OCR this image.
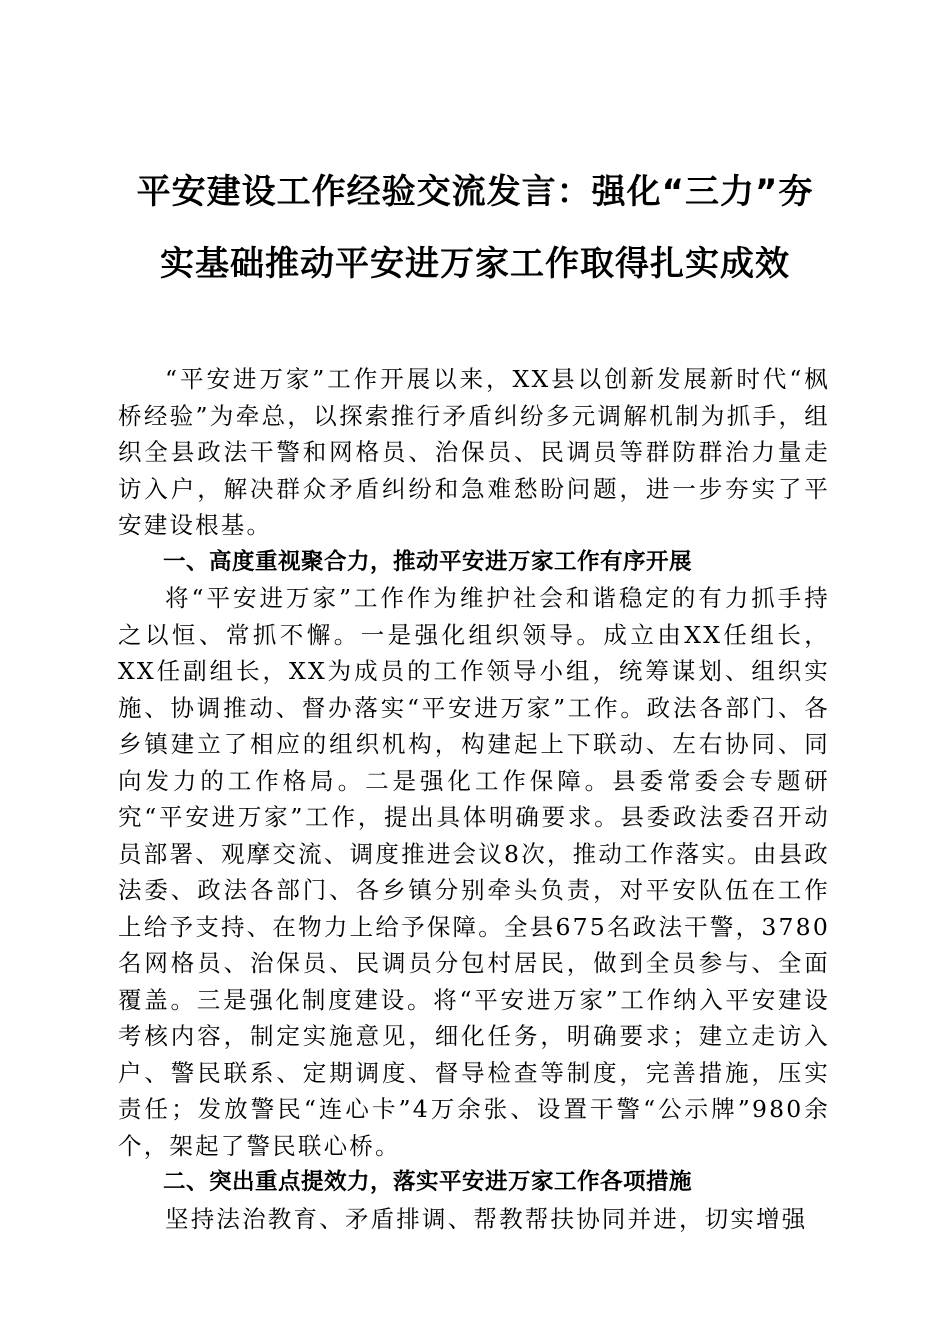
平安建设工作经验交流发言：强化“三力”夯
实基础推动平安进万家工作取得扎实成效

“平安进万家”工作开展以来，XX县以创新发展新时代“枫桥经验”为牵总，以探索推行矛盾纠纷多元调解机制为抓手，组织全县政法干警和网格员、治保员、民调员等群防群治力量走访入户，解决群众矛盾纠纷和急难愁盼问题，进一步夯实了平安建设根基。

一、高度重视聚合力，推动平安进万家工作有序开展

将“平安进万家”工作作为维护社会和谐稳定的有力抓手持之以恒、常抓不懈。一是强化组织领导。成立由XX任组长，XX任副组长，XX为成员的工作领导小组，统筹谋划、组织实施、协调推动、督办落实“平安进万家”工作。政法各部门、各乡镇建立了相应的组织机构，构建起上下联动、左右协同、同向发力的工作格局。二是强化工作保障。县委常委会专题研究“平安进万家”工作，提出具体明确要求。县委政法委召开动员部署、观摩交流、调度推进会议8次，推动工作落实。由县政法委、政法各部门、各乡镇分别牵头负责，对平安队伍在工作上给予支持、在物力上给予保障。全县675名政法干警，3780名网格员、治保员、民调员分包村居民，做到全员参与、全面覆盖。三是强化制度建设。将“平安进万家”工作纳入平安建设考核内容，制定实施意见，细化任务，明确要求；建立走访入户、警民联系、定期调度、督导检查等制度，完善措施，压实责任；发放警民“连心卡”4万余张、设置干警“公示牌”980余个，架起了警民联心桥。

二、突出重点提效力，落实平安进万家工作各项措施

坚持法治教育、矛盾排调、帮教帮扶协同并进，切实增强
